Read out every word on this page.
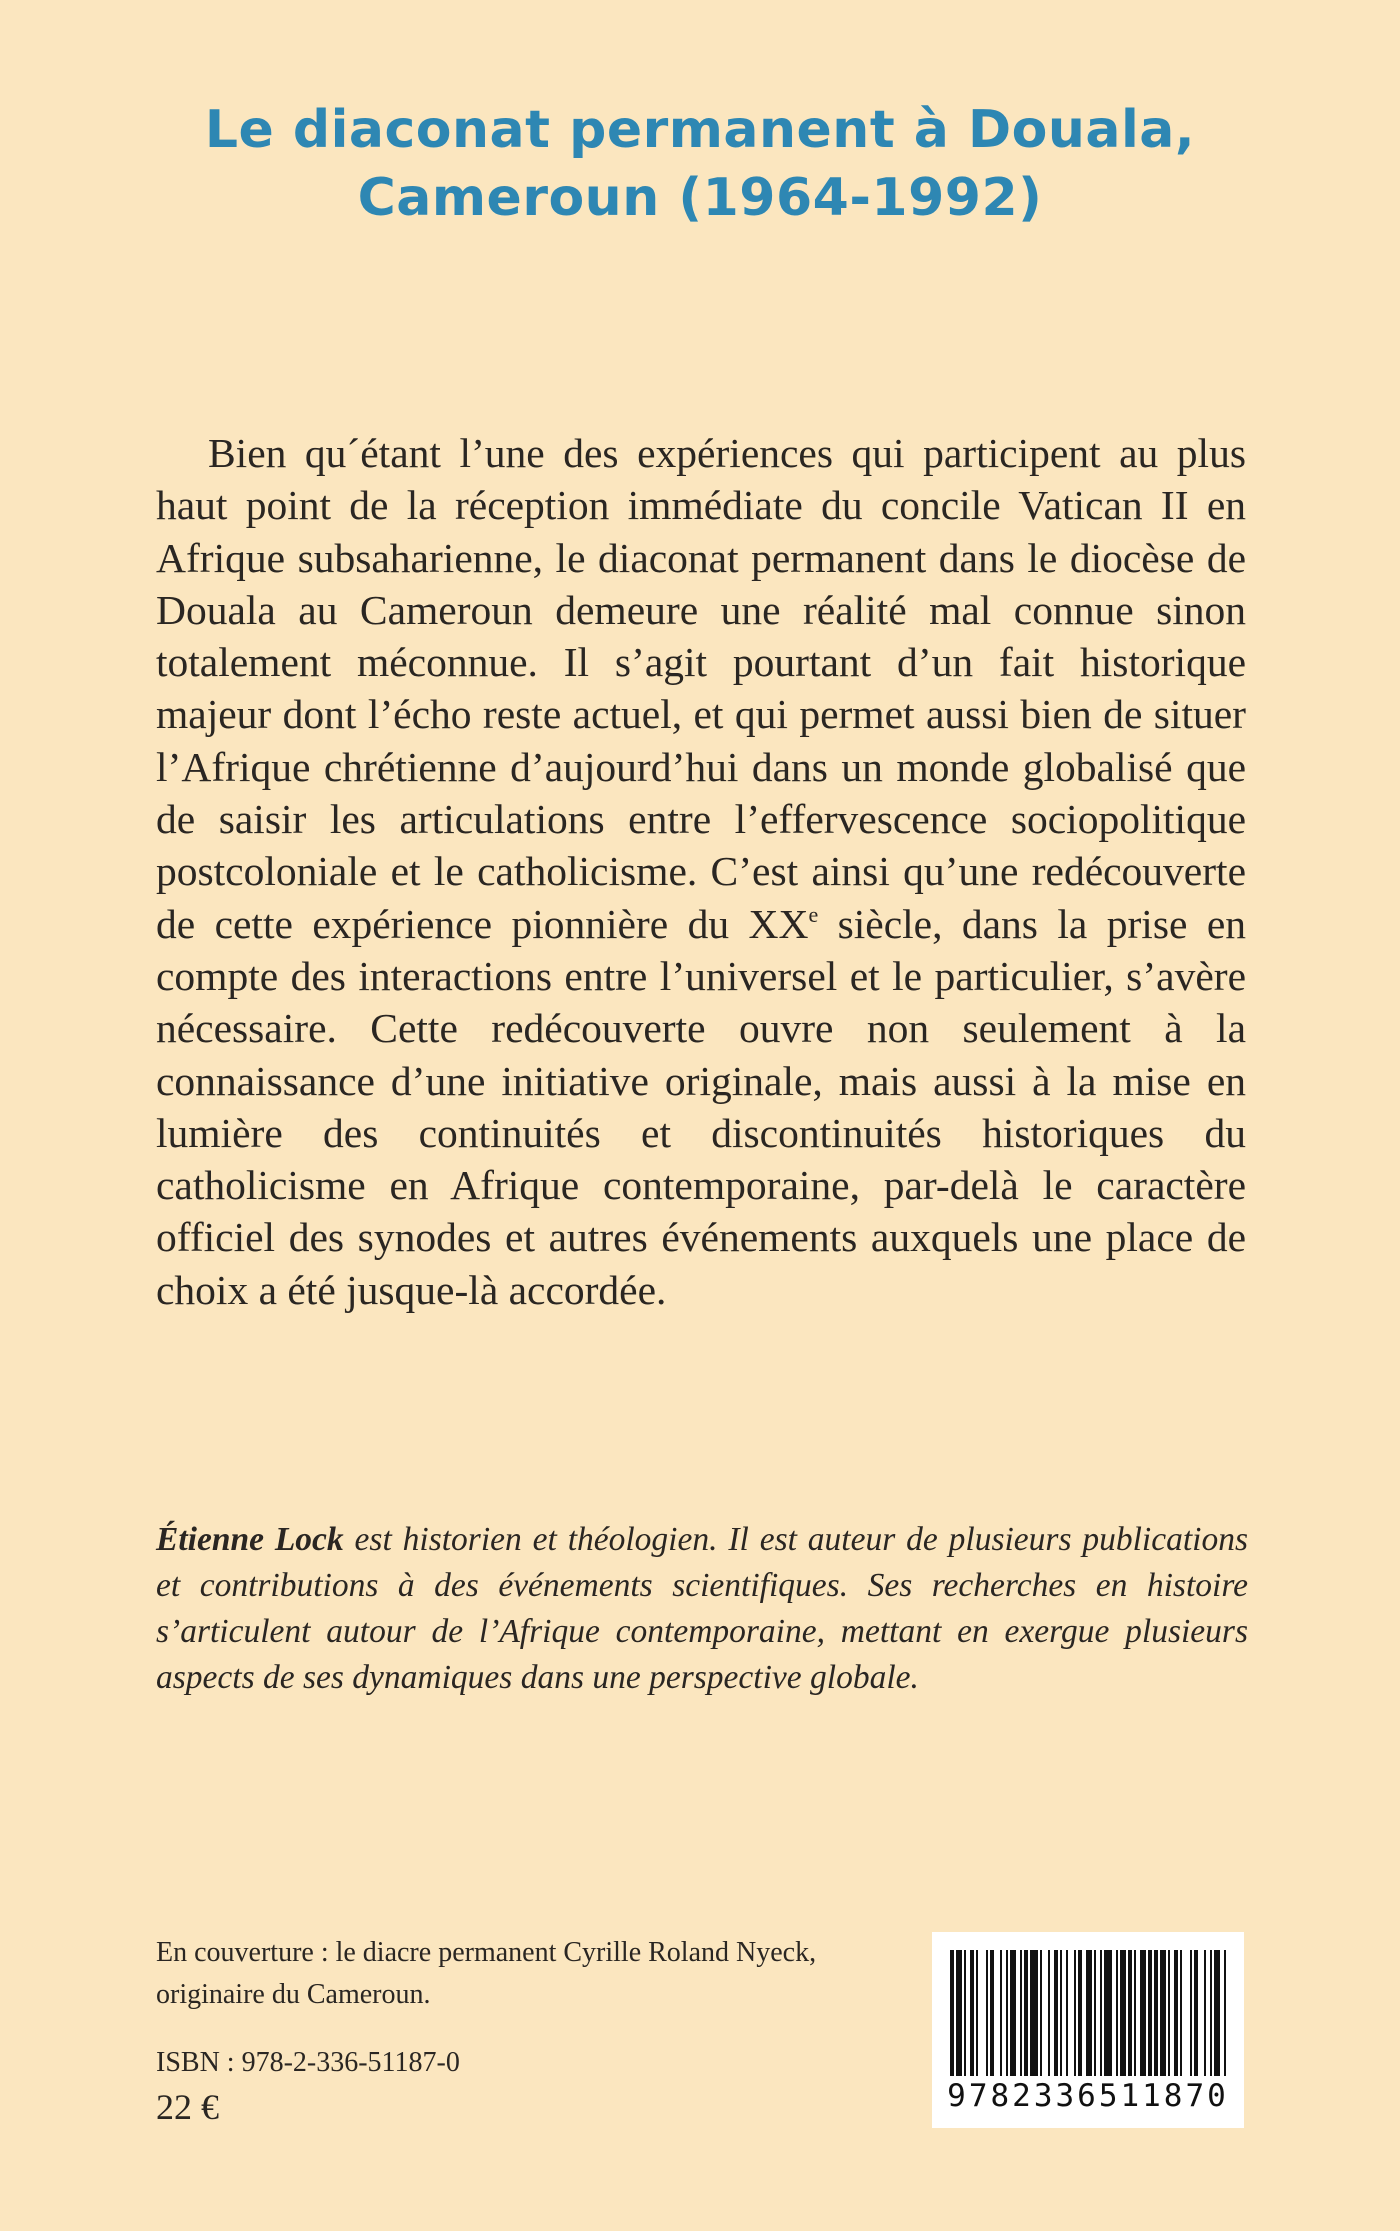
Le diaconat permanent à Douala,
Cameroun (1964-1992)

Bien qu´étant l’une des expériences qui participent au plus haut point de la réception immédiate du concile Vatican II en Afrique subsaharienne, le diaconat permanent dans le diocèse de Douala au Cameroun demeure une réalité mal connue sinon totalement méconnue. Il s’agit pourtant d’un fait historique majeur dont l’écho reste actuel, et qui permet aussi bien de situer l’Afrique chrétienne d’aujourd’hui dans un monde globalisé que de saisir les articulations entre l’effervescence sociopolitique postcoloniale et le catholicisme. C’est ainsi qu’une redécouverte de cette expérience pionnière du XXe siècle, dans la prise en compte des interactions entre l’universel et le particulier, s’avère nécessaire. Cette redécouverte ouvre non seulement à la connaissance d’une initiative originale, mais aussi à la mise en lumière des continuités et discontinuités historiques du catholicisme en Afrique contemporaine, par-delà le caractère officiel des synodes et autres événements auxquels une place de choix a été jusque-là accordée.

Étienne Lock est historien et théologien. Il est auteur de plusieurs publications et contributions à des événements scientifiques. Ses recherches en histoire s’articulent autour de l’Afrique contemporaine, mettant en exergue plusieurs aspects de ses dynamiques dans une perspective globale.

En couverture : le diacre permanent Cyrille Roland Nyeck,
originaire du Cameroun.

ISBN : 978-2-336-51187-0
22 €	9782336511870
